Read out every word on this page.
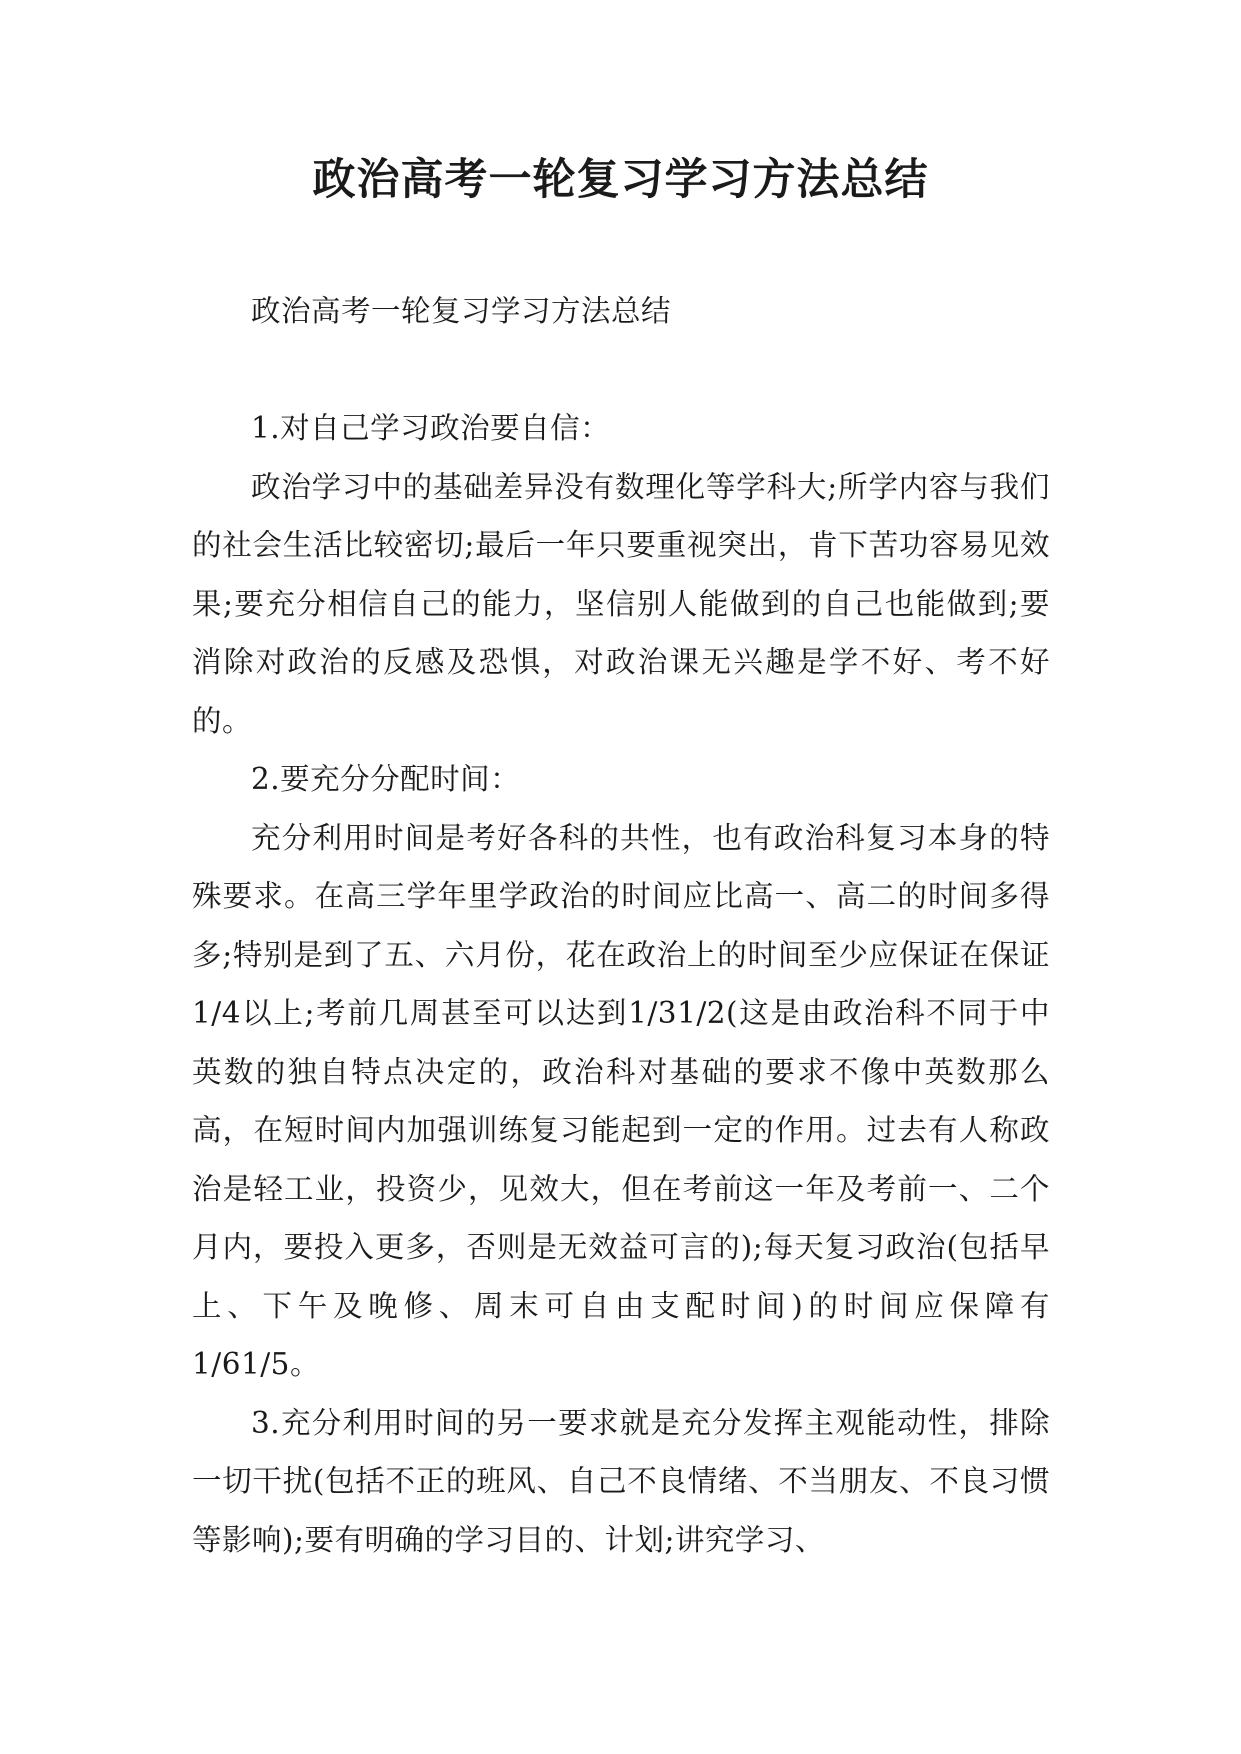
政治高考一轮复习学习方法总结

政治高考一轮复习学习方法总结

1.对自己学习政治要自信：

政治学习中的基础差异没有数理化等学科大;所学内容与我们的社会生活比较密切;最后一年只要重视突出，肯下苦功容易见效果;要充分相信自己的能力，坚信别人能做到的自己也能做到;要消除对政治的反感及恐惧，对政治课无兴趣是学不好、考不好的。

2.要充分分配时间：

充分利用时间是考好各科的共性，也有政治科复习本身的特殊要求。在高三学年里学政治的时间应比高一、高二的时间多得多;特别是到了五、六月份，花在政治上的时间至少应保证在保证1/4以上;考前几周甚至可以达到1/31/2(这是由政治科不同于中英数的独自特点决定的，政治科对基础的要求不像中英数那么高，在短时间内加强训练复习能起到一定的作用。过去有人称政治是轻工业，投资少，见效大，但在考前这一年及考前一、二个月内，要投入更多，否则是无效益可言的);每天复习政治(包括早上、下午及晚修、周末可自由支配时间)的时间应保障有1/61/5。

3.充分利用时间的另一要求就是充分发挥主观能动性，排除一切干扰(包括不正的班风、自己不良情绪、不当朋友、不良习惯等影响);要有明确的学习目的、计划;讲究学习、
